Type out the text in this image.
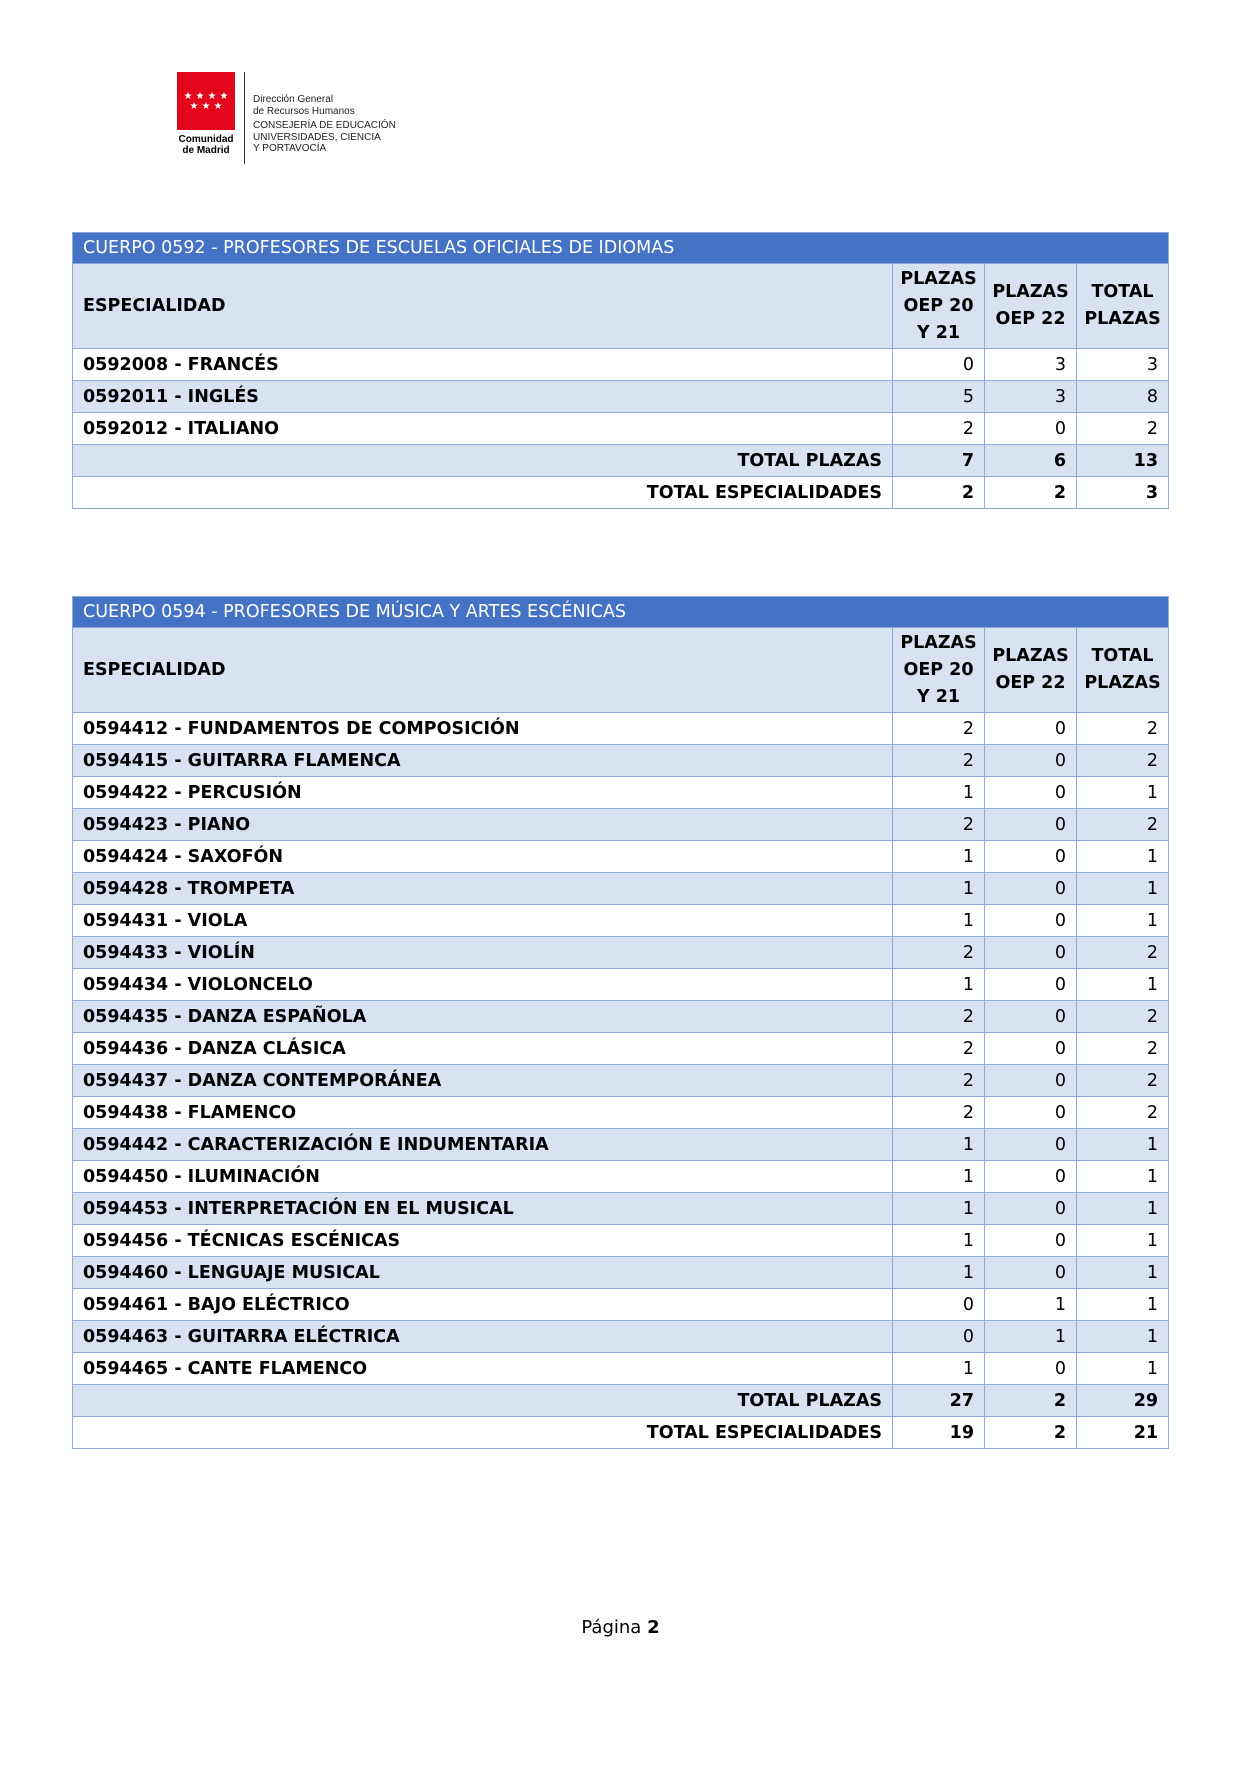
★ ★ ★ ★
★ ★ ★
Comunidad
de Madrid
Dirección General
de Recursos Humanos
CONSEJERÍA DE EDUCACIÓN
UNIVERSIDADES, CIENCIA
Y PORTAVOCÍA
CUERPO 0592 - PROFESORES DE ESCUELAS OFICIALES DE IDIOMAS			
ESPECIALIDAD	PLAZAS OEP 20 Y 21	PLAZAS OEP 22	TOTAL PLAZAS
0592008 - FRANCÉS	0	3	3
0592011 - INGLÉS	5	3	8
0592012 - ITALIANO	2	0	2
TOTAL PLAZAS	7	6	13
TOTAL ESPECIALIDADES	2	2	3
CUERPO 0594 - PROFESORES DE MÚSICA Y ARTES ESCÉNICAS			
ESPECIALIDAD	PLAZAS OEP 20 Y 21	PLAZAS OEP 22	TOTAL PLAZAS
0594412 - FUNDAMENTOS DE COMPOSICIÓN	2	0	2
0594415 - GUITARRA FLAMENCA	2	0	2
0594422 - PERCUSIÓN	1	0	1
0594423 - PIANO	2	0	2
0594424 - SAXOFÓN	1	0	1
0594428 - TROMPETA	1	0	1
0594431 - VIOLA	1	0	1
0594433 - VIOLÍN	2	0	2
0594434 - VIOLONCELO	1	0	1
0594435 - DANZA ESPAÑOLA	2	0	2
0594436 - DANZA CLÁSICA	2	0	2
0594437 - DANZA CONTEMPORÁNEA	2	0	2
0594438 - FLAMENCO	2	0	2
0594442 - CARACTERIZACIÓN E INDUMENTARIA	1	0	1
0594450 - ILUMINACIÓN	1	0	1
0594453 - INTERPRETACIÓN EN EL MUSICAL	1	0	1
0594456 - TÉCNICAS ESCÉNICAS	1	0	1
0594460 - LENGUAJE MUSICAL	1	0	1
0594461 - BAJO ELÉCTRICO	0	1	1
0594463 - GUITARRA ELÉCTRICA	0	1	1
0594465 - CANTE FLAMENCO	1	0	1
TOTAL PLAZAS	27	2	29
TOTAL ESPECIALIDADES	19	2	21
Página 2
